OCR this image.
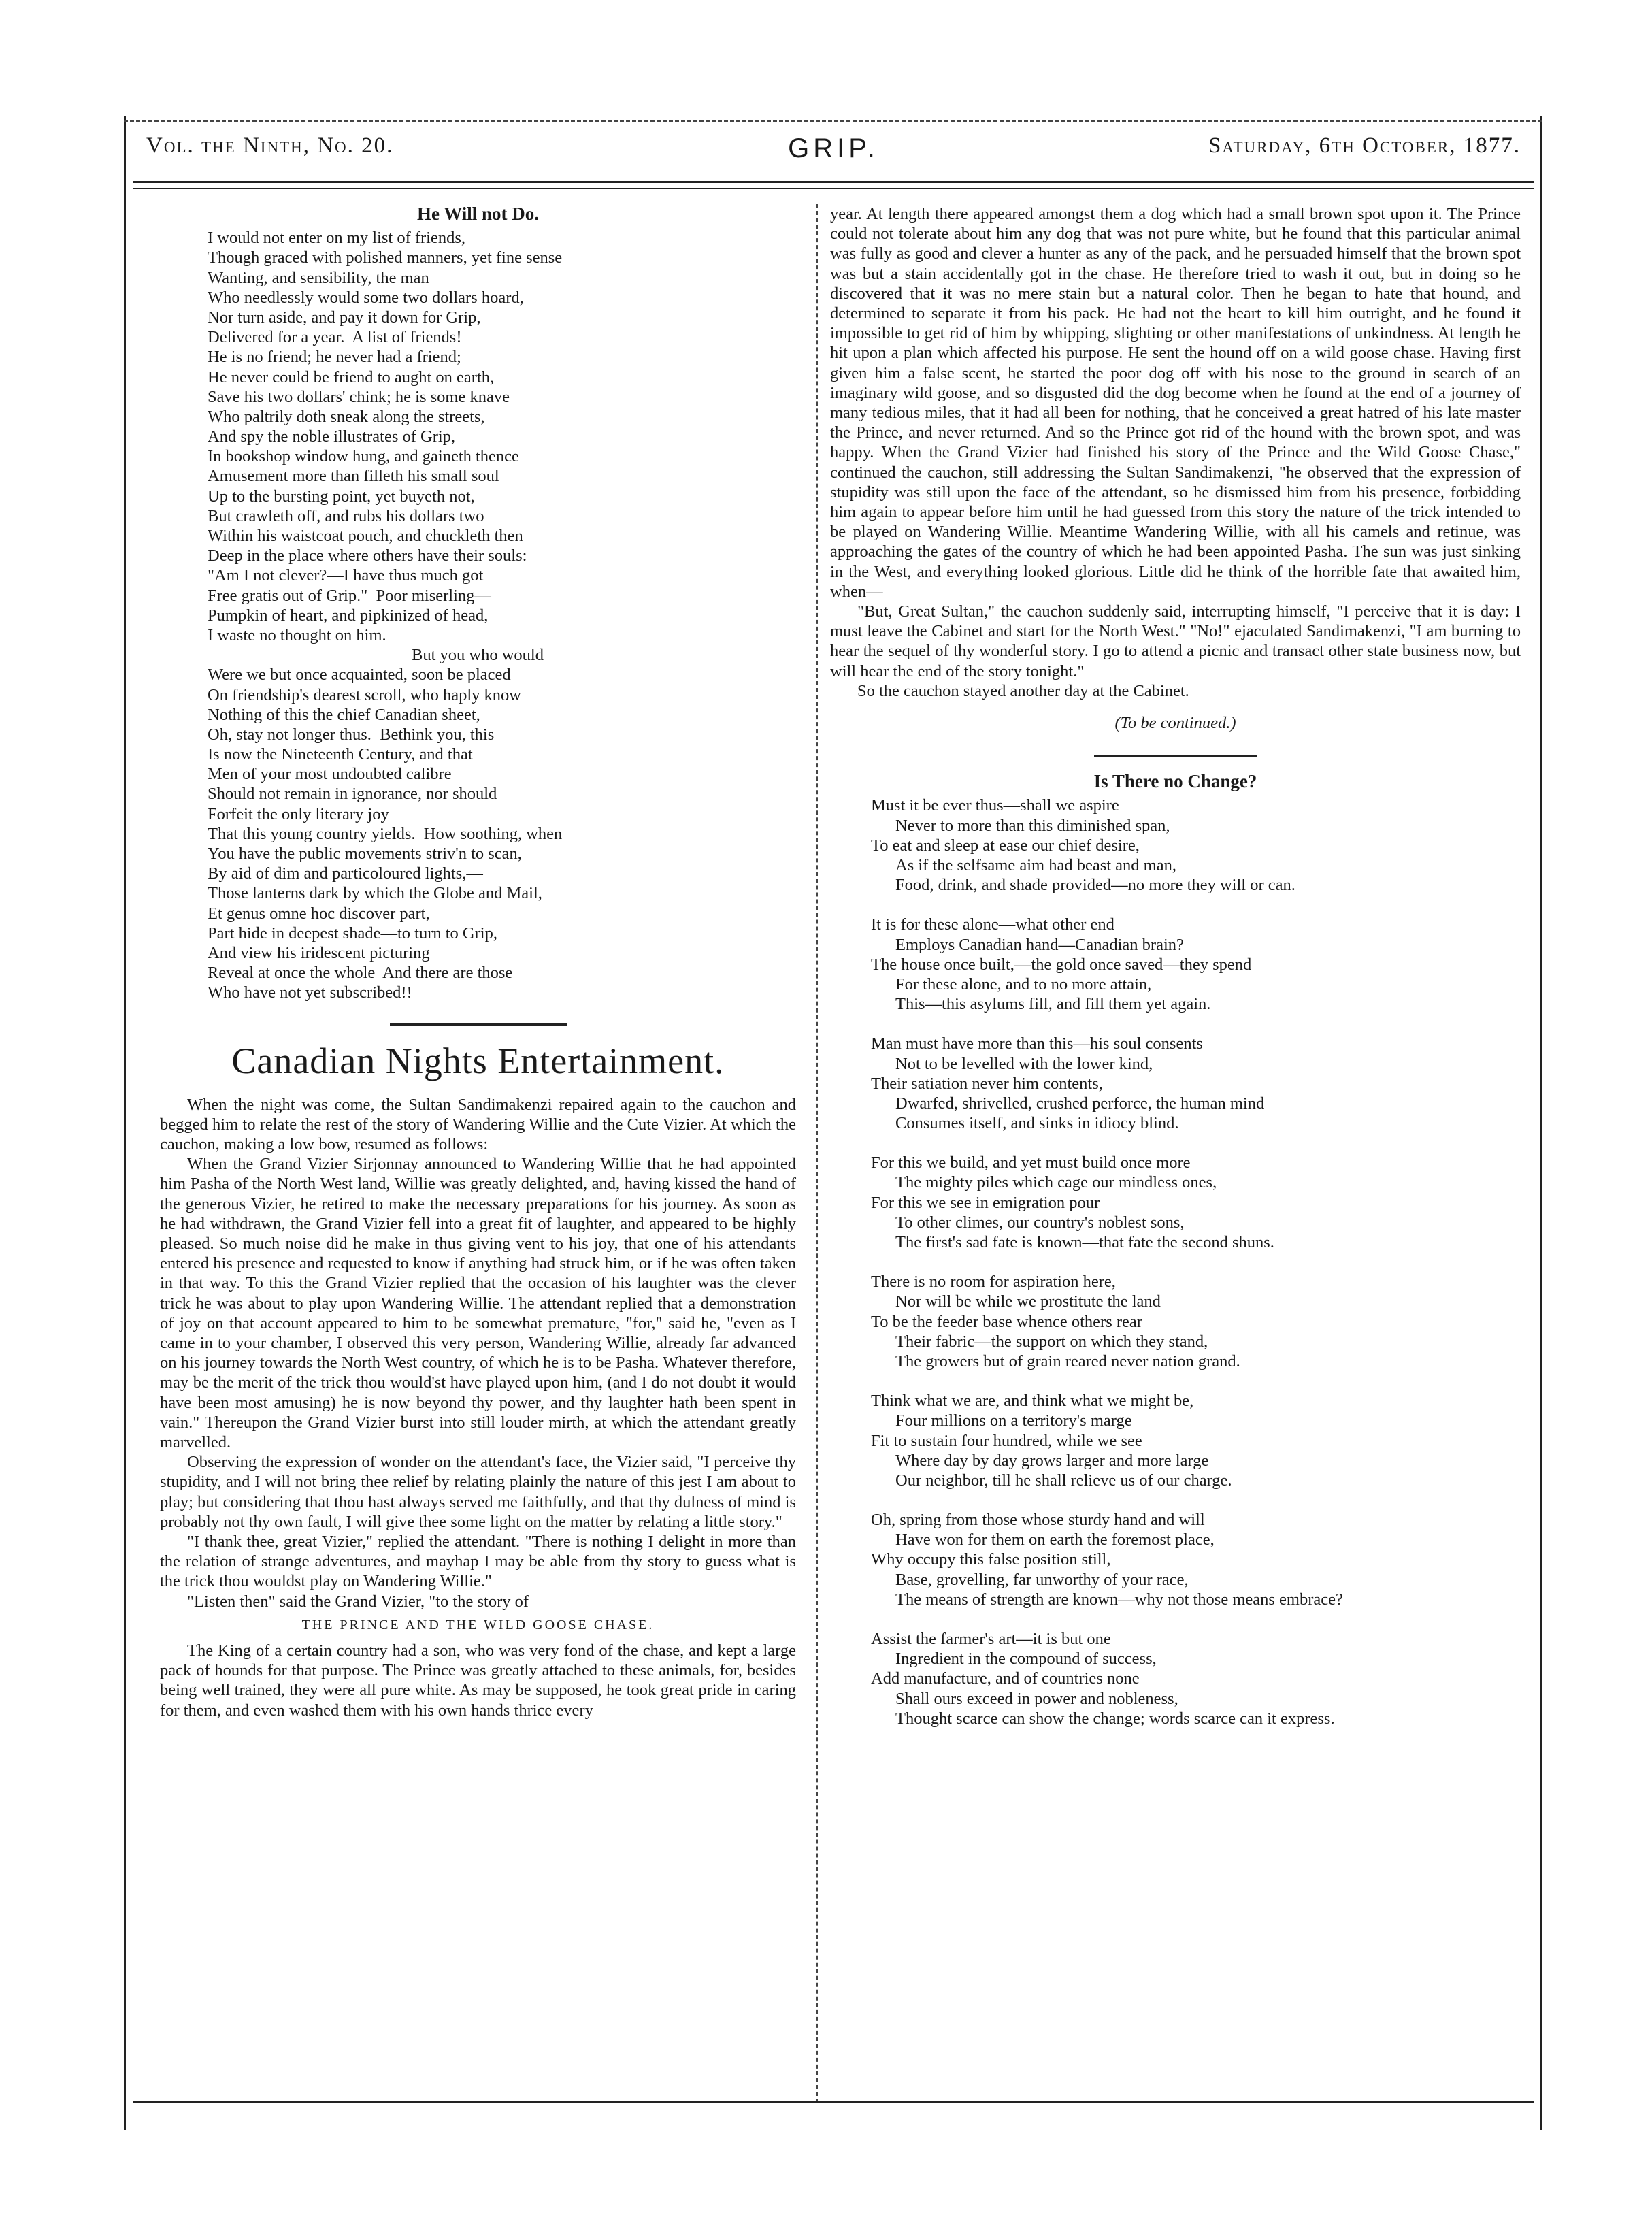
Vol. the Ninth, No. 20.	GRIP.	Saturday, 6th October, 1877.
He Will not Do.
I would not enter on my list of friends,
Though graced with polished manners, yet fine sense
Wanting, and sensibility, the man
Who needlessly would some two dollars hoard,
Nor turn aside, and pay it down for Grip,
Delivered for a year.  A list of friends!
He is no friend; he never had a friend;
He never could be friend to aught on earth,
Save his two dollars' chink; he is some knave
Who paltrily doth sneak along the streets,
And spy the noble illustrates of Grip,
In bookshop window hung, and gaineth thence
Amusement more than filleth his small soul
Up to the bursting point, yet buyeth not,
But crawleth off, and rubs his dollars two
Within his waistcoat pouch, and chuckleth then
Deep in the place where others have their souls:
"Am I not clever?—I have thus much got
Free gratis out of Grip."  Poor miserling—
Pumpkin of heart, and pipkinized of head,
I waste no thought on him.
But you who would
Were we but once acquainted, soon be placed
On friendship's dearest scroll, who haply know
Nothing of this the chief Canadian sheet,
Oh, stay not longer thus.  Bethink you, this
Is now the Nineteenth Century, and that
Men of your most undoubted calibre
Should not remain in ignorance, nor should
Forfeit the only literary joy
That this young country yields.  How soothing, when
You have the public movements striv'n to scan,
By aid of dim and particoloured lights,—
Those lanterns dark by which the Globe and Mail,
Et genus omne hoc discover part,
Part hide in deepest shade—to turn to Grip,
And view his iridescent picturing
Reveal at once the whole  And there are those
Who have not yet subscribed!!
Canadian Nights Entertainment.

When the night was come, the Sultan Sandimakenzi repaired again to the cauchon and begged him to relate the rest of the story of Wandering Willie and the Cute Vizier. At which the cauchon, making a low bow, resumed as follows:

When the Grand Vizier Sirjonnay announced to Wandering Willie that he had appointed him Pasha of the North West land, Willie was greatly delighted, and, having kissed the hand of the generous Vizier, he retired to make the necessary preparations for his journey. As soon as he had withdrawn, the Grand Vizier fell into a great fit of laughter, and appeared to be highly pleased. So much noise did he make in thus giving vent to his joy, that one of his attendants entered his presence and requested to know if anything had struck him, or if he was often taken in that way. To this the Grand Vizier replied that the occasion of his laughter was the clever trick he was about to play upon Wandering Willie. The attendant replied that a demonstration of joy on that account appeared to him to be somewhat premature, "for," said he, "even as I came in to your chamber, I observed this very person, Wandering Willie, already far advanced on his journey towards the North West country, of which he is to be Pasha. Whatever therefore, may be the merit of the trick thou would'st have played upon him, (and I do not doubt it would have been most amusing) he is now beyond thy power, and thy laughter hath been spent in vain." Thereupon the Grand Vizier burst into still louder mirth, at which the attendant greatly marvelled.

Observing the expression of wonder on the attendant's face, the Vizier said, "I perceive thy stupidity, and I will not bring thee relief by relating plainly the nature of this jest I am about to play; but considering that thou hast always served me faithfully, and that thy dulness of mind is probably not thy own fault, I will give thee some light on the matter by relating a little story."

"I thank thee, great Vizier," replied the attendant. "There is nothing I delight in more than the relation of strange adventures, and mayhap I may be able from thy story to guess what is the trick thou wouldst play on Wandering Willie."

"Listen then" said the Grand Vizier, "to the story of

THE PRINCE AND THE WILD GOOSE CHASE.

The King of a certain country had a son, who was very fond of the chase, and kept a large pack of hounds for that purpose. The Prince was greatly attached to these animals, for, besides being well trained, they were all pure white. As may be supposed, he took great pride in caring for them, and even washed them with his own hands thrice every

year. At length there appeared amongst them a dog which had a small brown spot upon it. The Prince could not tolerate about him any dog that was not pure white, but he found that this particular animal was fully as good and clever a hunter as any of the pack, and he persuaded himself that the brown spot was but a stain accidentally got in the chase. He therefore tried to wash it out, but in doing so he discovered that it was no mere stain but a natural color. Then he began to hate that hound, and determined to separate it from his pack. He had not the heart to kill him outright, and he found it impossible to get rid of him by whipping, slighting or other manifestations of unkindness. At length he hit upon a plan which affected his purpose. He sent the hound off on a wild goose chase. Having first given him a false scent, he started the poor dog off with his nose to the ground in search of an imaginary wild goose, and so disgusted did the dog become when he found at the end of a journey of many tedious miles, that it had all been for nothing, that he conceived a great hatred of his late master the Prince, and never returned. And so the Prince got rid of the hound with the brown spot, and was happy. When the Grand Vizier had finished his story of the Prince and the Wild Goose Chase," continued the cauchon, still addressing the Sultan Sandimakenzi, "he observed that the expression of stupidity was still upon the face of the attendant, so he dismissed him from his presence, forbidding him again to appear before him until he had guessed from this story the nature of the trick intended to be played on Wandering Willie. Meantime Wandering Willie, with all his camels and retinue, was approaching the gates of the country of which he had been appointed Pasha. The sun was just sinking in the West, and everything looked glorious. Little did he think of the horrible fate that awaited him, when—

"But, Great Sultan," the cauchon suddenly said, interrupting himself, "I perceive that it is day: I must leave the Cabinet and start for the North West." "No!" ejaculated Sandimakenzi, "I am burning to hear the sequel of thy wonderful story. I go to attend a picnic and transact other state business now, but will hear the end of the story tonight."

So the cauchon stayed another day at the Cabinet.

(To be continued.)
Is There no Change?
Must it be ever thus—shall we aspire
Never to more than this diminished span,
To eat and sleep at ease our chief desire,
As if the selfsame aim had beast and man,
Food, drink, and shade provided—no more they will or can.
It is for these alone—what other end
Employs Canadian hand—Canadian brain?
The house once built,—the gold once saved—they spend
For these alone, and to no more attain,
This—this asylums fill, and fill them yet again.
Man must have more than this—his soul consents
Not to be levelled with the lower kind,
Their satiation never him contents,
Dwarfed, shrivelled, crushed perforce, the human mind
Consumes itself, and sinks in idiocy blind.
For this we build, and yet must build once more
The mighty piles which cage our mindless ones,
For this we see in emigration pour
To other climes, our country's noblest sons,
The first's sad fate is known—that fate the second shuns.
There is no room for aspiration here,
Nor will be while we prostitute the land
To be the feeder base whence others rear
Their fabric—the support on which they stand,
The growers but of grain reared never nation grand.
Think what we are, and think what we might be,
Four millions on a territory's marge
Fit to sustain four hundred, while we see
Where day by day grows larger and more large
Our neighbor, till he shall relieve us of our charge.
Oh, spring from those whose sturdy hand and will
Have won for them on earth the foremost place,
Why occupy this false position still,
Base, grovelling, far unworthy of your race,
The means of strength are known—why not those means embrace?
Assist the farmer's art—it is but one
Ingredient in the compound of success,
Add manufacture, and of countries none
Shall ours exceed in power and nobleness,
Thought scarce can show the change; words scarce can it express.
